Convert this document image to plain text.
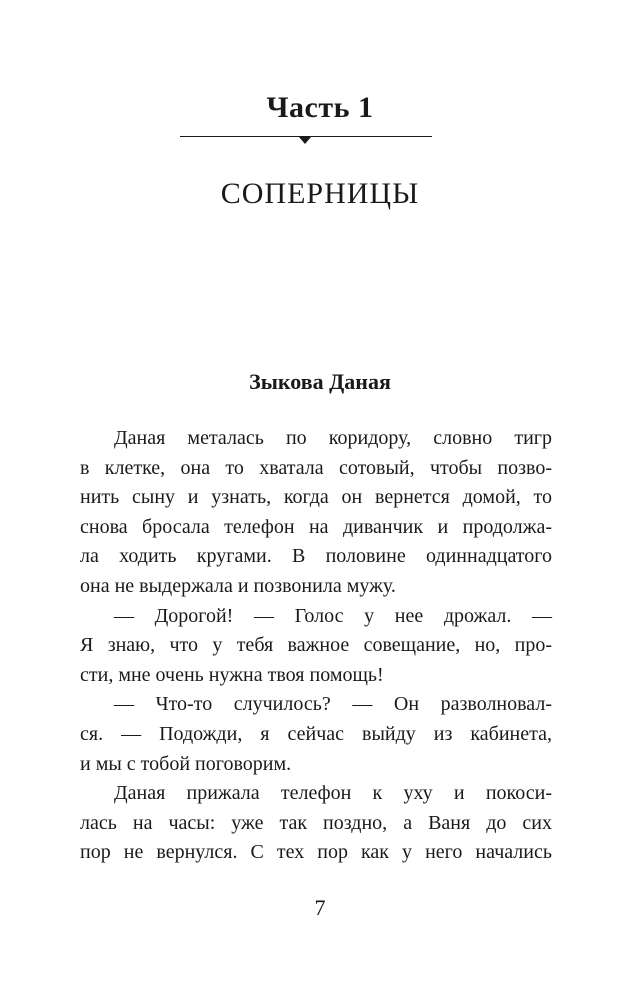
Часть 1
СОПЕРНИЦЫ
Зыкова Даная
Даная металась по коридору, словно тигр
в клетке, она то хватала сотовый, чтобы позво-
нить сыну и узнать, когда он вернется домой, то
снова бросала телефон на диванчик и продолжа-
ла ходить кругами. В половине одиннадцатого
она не выдержала и позвонила мужу.
— Дорогой! — Голос у нее дрожал. —
Я знаю, что у тебя важное совещание, но, про-
сти, мне очень нужна твоя помощь!
— Что-то случилось? — Он разволновал-
ся. — Подожди, я сейчас выйду из кабинета,
и мы с тобой поговорим.
Даная прижала телефон к уху и покоси-
лась на часы: уже так поздно, а Ваня до сих
пор не вернулся. С тех пор как у него начались
7
